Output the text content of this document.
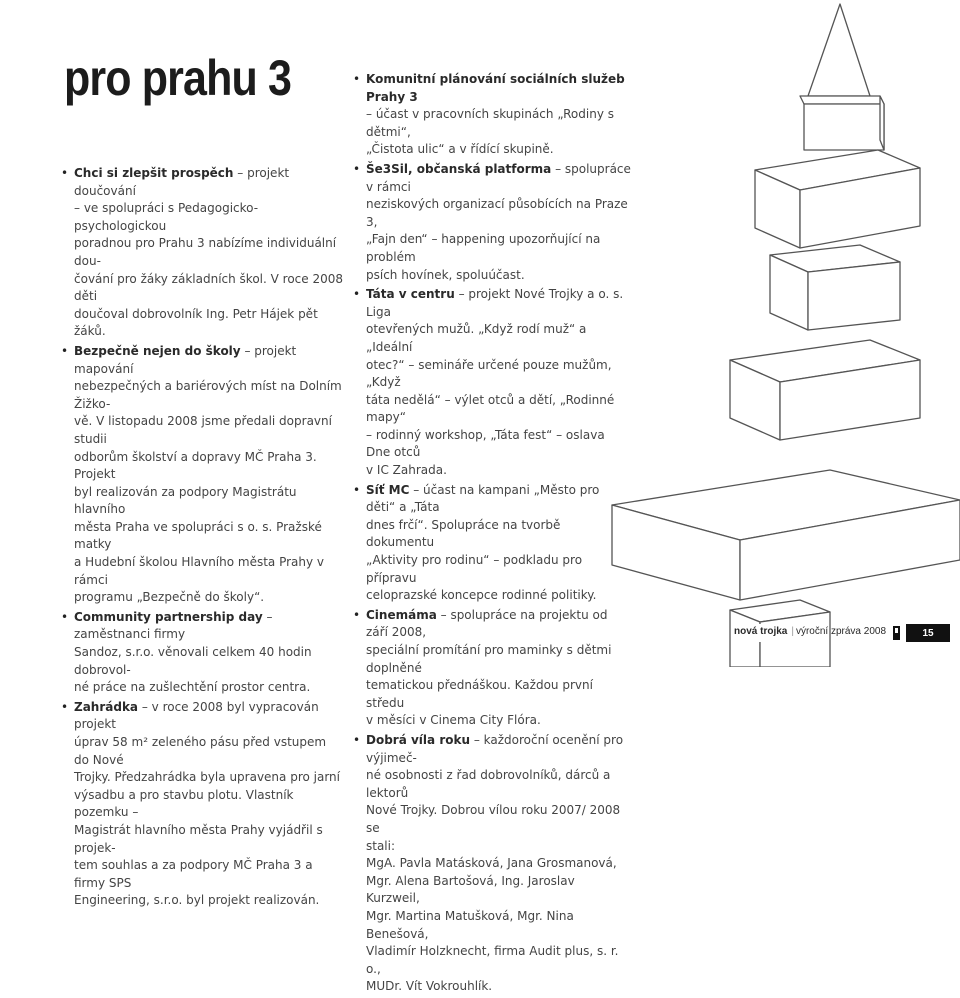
pro prahu 3
• Chci si zlepšit prospěch – projekt doučování
– ve spolupráci s Pedagogicko-psychologickou
poradnou pro Prahu 3 nabízíme individuální dou-
čování pro žáky základních škol. V roce 2008 děti
doučoval dobrovolník Ing. Petr Hájek pět žáků.
• Bezpečně nejen do školy – projekt mapování
nebezpečných a bariérových míst na Dolním Žižko-
vě. V listopadu 2008 jsme předali dopravní studii
odborům školství a dopravy MČ Praha 3. Projekt
byl realizován za podpory Magistrátu hlavního
města Praha ve spolupráci s o. s. Pražské matky
a Hudební školou Hlavního města Prahy v rámci
programu „Bezpečně do školy“.
• Community partnership day – zaměstnanci firmy
Sandoz, s.r.o. věnovali celkem 40 hodin dobrovol-
né práce na zušlechtění prostor centra.
• Zahrádka – v roce 2008 byl vypracován projekt
úprav 58 m² zeleného pásu před vstupem do Nové
Trojky. Předzahrádka byla upravena pro jarní
výsadbu a pro stavbu plotu. Vlastník pozemku –
Magistrát hlavního města Prahy vyjádřil s projek-
tem souhlas a za podpory MČ Praha 3 a firmy SPS
Engineering, s.r.o. byl projekt realizován.
• Komunitní plánování sociálních služeb Prahy 3
– účast v pracovních skupinách „Rodiny s dětmi“,
„Čistota ulic“ a v řídící skupině.
• Še3Sil, občanská platforma – spolupráce v rámci
neziskových organizací působících na Praze 3,
„Fajn den“ – happening upozorňující na problém
psích hovínek, spoluúčast.
• Táta v centru – projekt Nové Trojky a o. s. Liga
otevřených mužů. „Když rodí muž“ a „Ideální
otec?“ – semináře určené pouze mužům, „Když
táta nedělá“ – výlet otců a dětí, „Rodinné mapy“
– rodinný workshop, „Táta fest“ – oslava Dne otců
v IC Zahrada.
• Síť MC – účast na kampani „Město pro děti“ a „Táta
dnes frčí“. Spolupráce na tvorbě dokumentu
„Aktivity pro rodinu“ – podkladu pro přípravu
celoprazské koncepce rodinné politiky.
• Cinemáma – spolupráce na projektu od září 2008,
speciální promítání pro maminky s dětmi doplněné
tematickou přednáškou. Každou první středu
v měsíci v Cinema City Flóra.
• Dobrá víla roku – každoroční ocenění pro výjimeč-
né osobnosti z řad dobrovolníků, dárců a lektorů
Nové Trojky. Dobrou vílou roku 2007/ 2008 se
stali:
MgA. Pavla Matásková, Jana Grosmanová,
Mgr. Alena Bartošová, Ing. Jaroslav Kurzweil,
Mgr. Martina Matušková, Mgr. Nina Benešová,
Vladimír Holzknecht, firma Audit plus, s. r. o.,
MUDr. Vít Vokrouhlík.
nová trojka | výroční zpráva 2008	15
